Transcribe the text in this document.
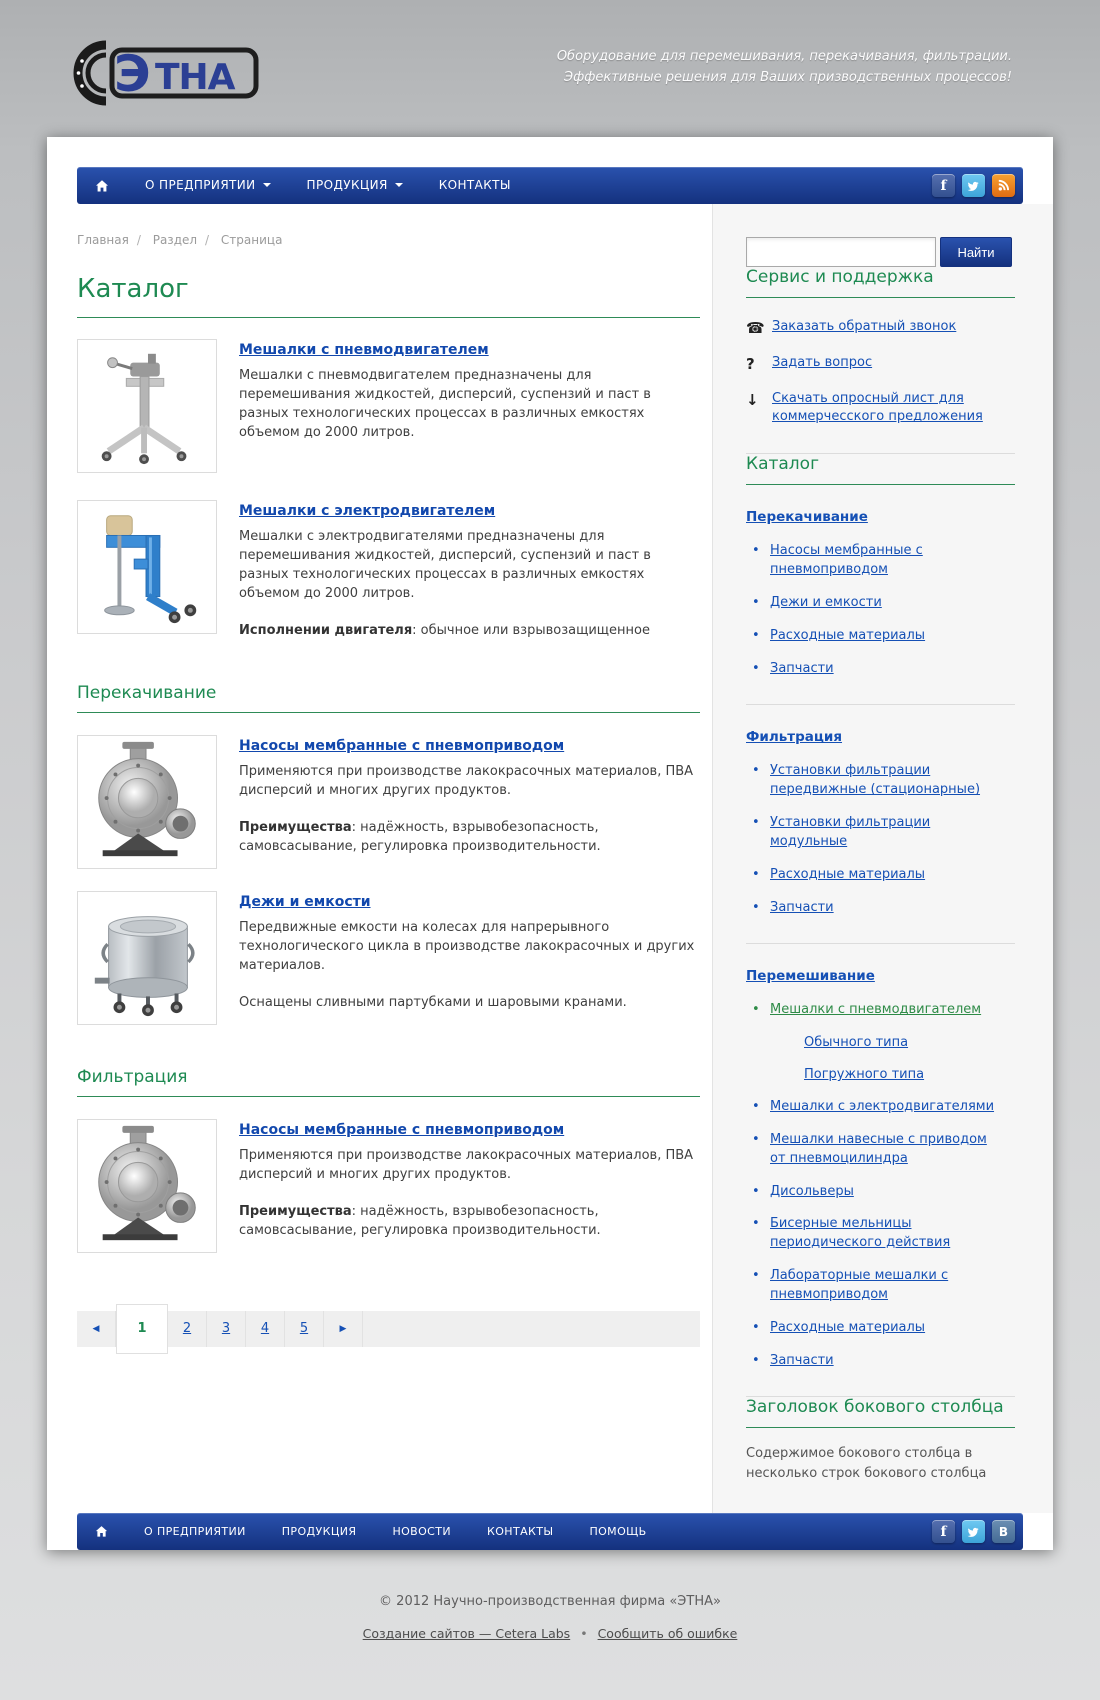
Э ТНА
Оборудование для перемешивания, перекачивания, фильтрации.
Эффективные решения для Ваших призводственных процессов!
О ПРЕДПРИЯТИИ	ПРОДУКЦИЯ	КОНТАКТЫ	f
Главная / Раздел / Страница
Каталог
Мешалки с пневмодвигателем

Мешалки с пневмодвигателем предназначены для перемешивания жидкостей, дисперсий, суспензий и паст в разных технологических процессах в различных емкостях объемом до 2000 литров.

Мешалки с электродвигателем

Мешалки с электродвигателями предназначены для перемешивания жидкостей, дисперсий, суспензий и паст в разных технологических процессах в различных емкостях объемом до 2000 литров.

Исполнении двигателя: обычное или взрывозащищенное

Перекачивание
Насосы мембранные с пневмоприводом

Применяются при производстве лакокрасочных материалов, ПВА дисперсий и многих других продуктов.

Преимущества: надёжность, взрывобезопасность, самовсасывание, регулировка производительности.

Дежи и емкости

Передвижные емкости на колесах для напрерывного технологического цикла в производстве лакокрасочных и других материалов.

Оснащены сливными партубками и шаровыми кранами.

Фильтрация
Насосы мембранные с пневмоприводом

Применяются при производстве лакокрасочных материалов, ПВА дисперсий и многих других продуктов.

Преимущества: надёжность, взрывобезопасность, самовсасывание, регулировка производительности.

◀	1	2	3	4	5	▶
Найти
Сервис и поддержка
☎ Заказать обратный звонок
?	Задать вопрос
↓	Скачать опросный лист для коммерчесского предложения
Каталог
Перекачивание
• Насосы мембранные с пневмоприводом
• Дежи и емкости
• Расходные материалы
• Запчасти
Фильтрация
• Установки фильтрации передвижные (стационарные)
• Установки фильтрации модульные
• Расходные материалы
• Запчасти
Перемешивание
• Мешалки с пневмодвигателем
Обычного типа
Погружного типа
• Мешалки с электродвигателями
• Мешалки навесные с приводом от пневмоцилиндра
• Дисольверы
• Бисерные мельницы периодического действия
• Лабораторные мешалки с пневмоприводом
• Расходные материалы
• Запчасти
Заголовок бокового столбца

Содержимое бокового столбца в несколько строк бокового столбца

О ПРЕДПРИЯТИИ	ПРОДУКЦИЯ	НОВОСТИ	КОНТАКТЫ	ПОМОЩЬ	f	В
© 2012 Научно-производственная фирма «ЭТНА»
Создание сайтов — Cetera Labs • Сообщить об ошибке
